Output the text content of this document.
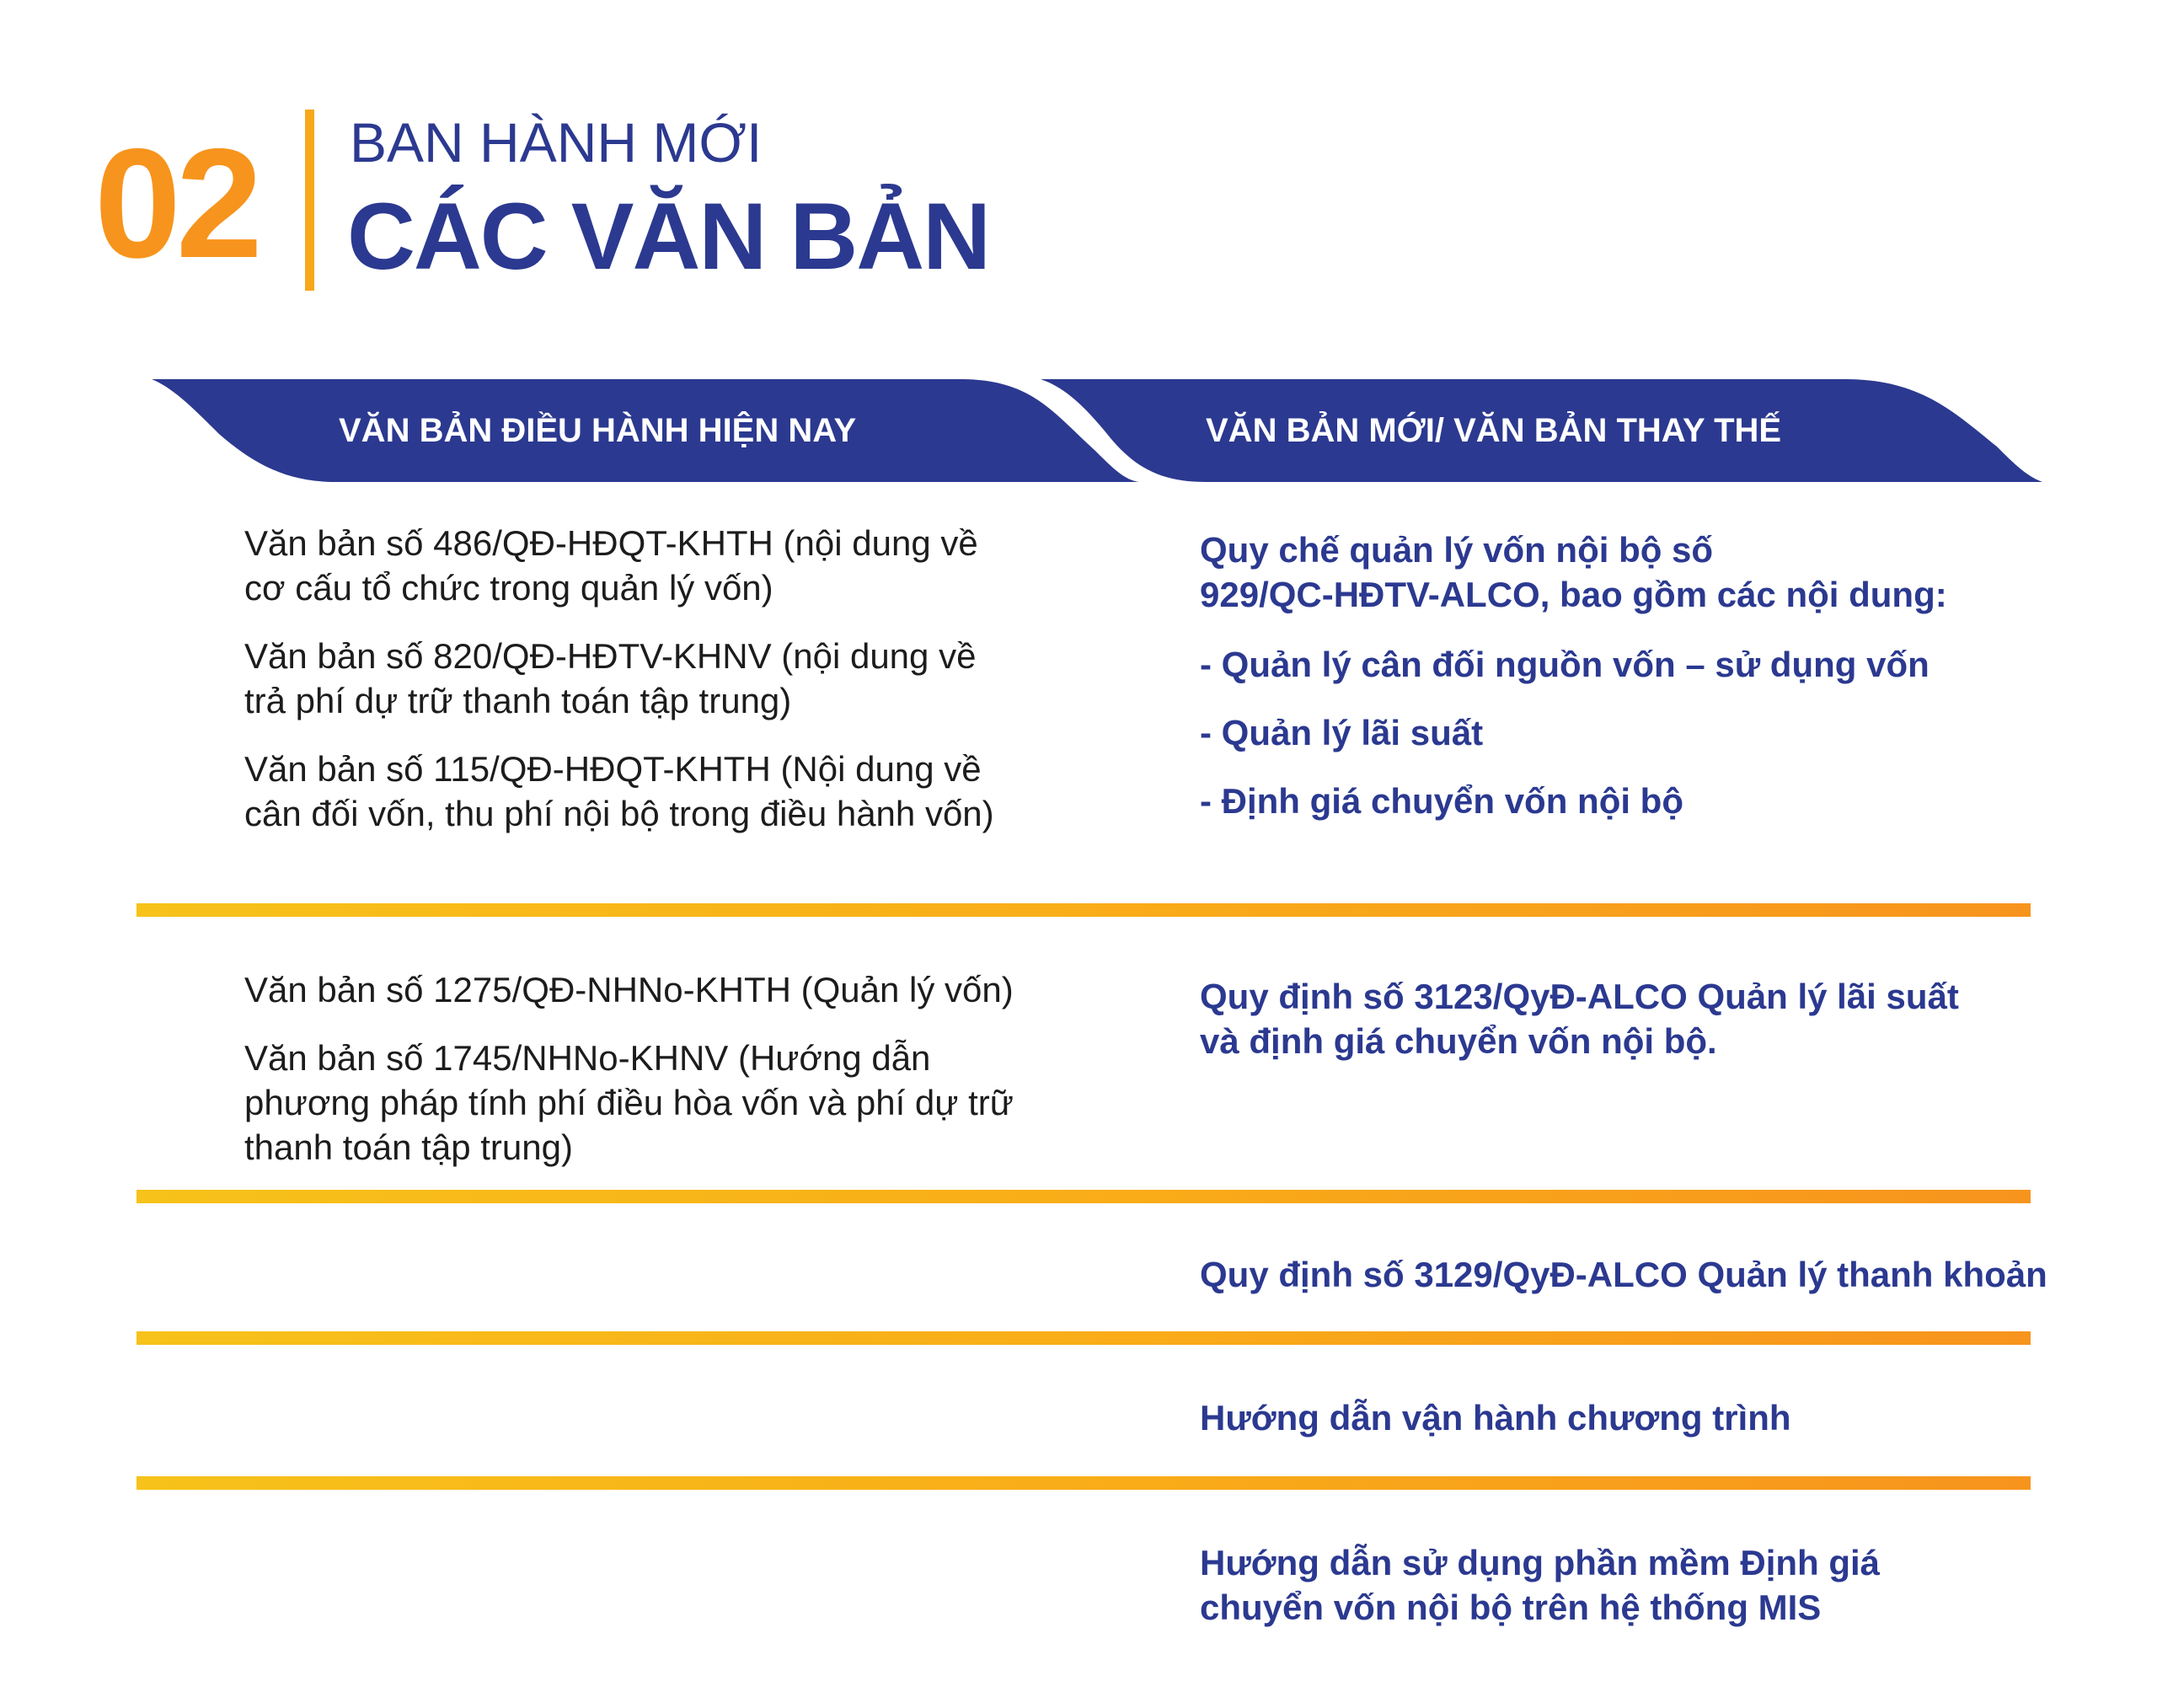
02 BAN HÀNH MỚI
CÁC VĂN BẢN
VĂN BẢN ĐIỀU HÀNH HIỆN NAY	VĂN BẢN MỚI/ VĂN BẢN THAY THẾ

Văn bản số 486/QĐ-HĐQT-KHTH (nội dung về
cơ cấu tổ chức trong quản lý vốn)

Văn bản số 820/QĐ-HĐTV-KHNV (nội dung về
trả phí dự trữ thanh toán tập trung)

Văn bản số 115/QĐ-HĐQT-KHTH (Nội dung về
cân đối vốn, thu phí nội bộ trong điều hành vốn)

Quy chế quản lý vốn nội bộ số
929/QC-HĐTV-ALCO, bao gồm các nội dung:

- Quản lý cân đối nguồn vốn – sử dụng vốn

- Quản lý lãi suất

- Định giá chuyển vốn nội bộ

Văn bản số 1275/QĐ-NHNo-KHTH (Quản lý vốn)

Văn bản số 1745/NHNo-KHNV (Hướng dẫn
phương pháp tính phí điều hòa vốn và phí dự trữ
thanh toán tập trung)

Quy định số 3123/QyĐ-ALCO Quản lý lãi suất
và định giá chuyển vốn nội bộ.

Quy định số 3129/QyĐ-ALCO Quản lý thanh khoản

Hướng dẫn vận hành chương trình

Hướng dẫn sử dụng phần mềm Định giá
chuyển vốn nội bộ trên hệ thống MIS
